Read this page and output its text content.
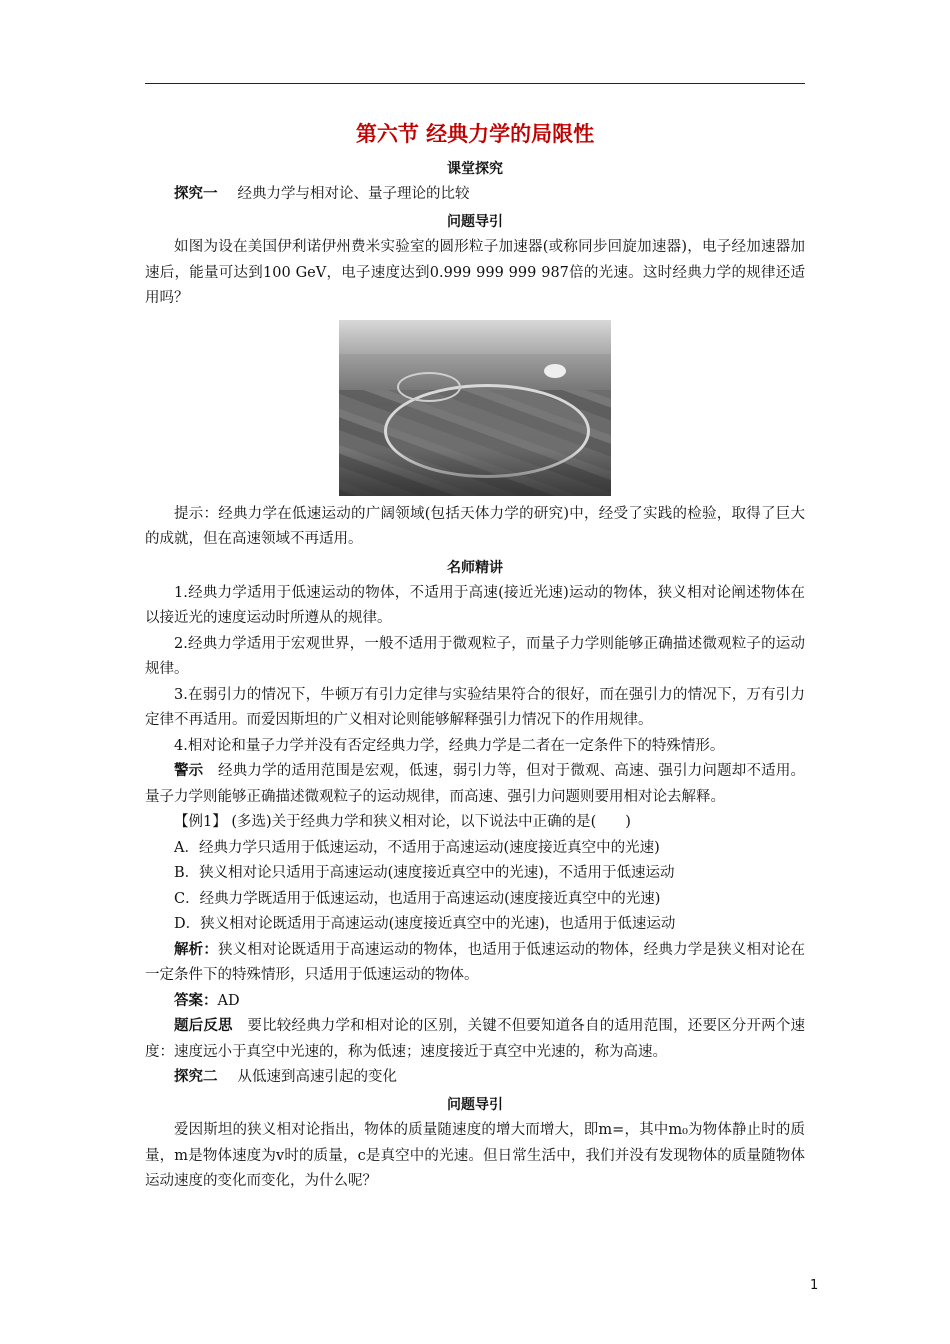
第六节 经典力学的局限性
课堂探究
探究一 经典力学与相对论、量子理论的比较
问题导引

如图为设在美国伊利诺伊州费米实验室的圆形粒子加速器(或称同步回旋加速器)，电子经加速器加速后，能量可达到100 GeV，电子速度达到0.999 999 999 987倍的光速。这时经典力学的规律还适用吗？

提示：经典力学在低速运动的广阔领域(包括天体力学的研究)中，经受了实践的检验，取得了巨大的成就，但在高速领域不再适用。

名师精讲

1.经典力学适用于低速运动的物体，不适用于高速(接近光速)运动的物体，狭义相对论阐述物体在以接近光的速度运动时所遵从的规律。

2.经典力学适用于宏观世界，一般不适用于微观粒子，而量子力学则能够正确描述微观粒子的运动规律。

3.在弱引力的情况下，牛顿万有引力定律与实验结果符合的很好，而在强引力的情况下，万有引力定律不再适用。而爱因斯坦的广义相对论则能够解释强引力情况下的作用规律。

4.相对论和量子力学并没有否定经典力学，经典力学是二者在一定条件下的特殊情形。

警示　 经典力学的适用范围是宏观，低速，弱引力等，但对于微观、高速、强引力问题却不适用。量子力学则能够正确描述微观粒子的运动规律，而高速、强引力问题则要用相对论去解释。

【例1】 (多选)关于经典力学和狭义相对论，以下说法中正确的是(　　)

A．经典力学只适用于低速运动，不适用于高速运动(速度接近真空中的光速)

B．狭义相对论只适用于高速运动(速度接近真空中的光速)，不适用于低速运动

C．经典力学既适用于低速运动，也适用于高速运动(速度接近真空中的光速)

D．狭义相对论既适用于高速运动(速度接近真空中的光速)，也适用于低速运动

解析：狭义相对论既适用于高速运动的物体，也适用于低速运动的物体，经典力学是狭义相对论在一定条件下的特殊情形，只适用于低速运动的物体。

答案：AD

题后反思　 要比较经典力学和相对论的区别，关键不但要知道各自的适用范围，还要区分开两个速度：速度远小于真空中光速的，称为低速；速度接近于真空中光速的，称为高速。

探究二 从低速到高速引起的变化
问题导引

爱因斯坦的狭义相对论指出，物体的质量随速度的增大而增大，即m=，其中m₀为物体静止时的质量，m是物体速度为v时的质量，c是真空中的光速。但日常生活中，我们并没有发现物体的质量随物体运动速度的变化而变化，为什么呢？

1
